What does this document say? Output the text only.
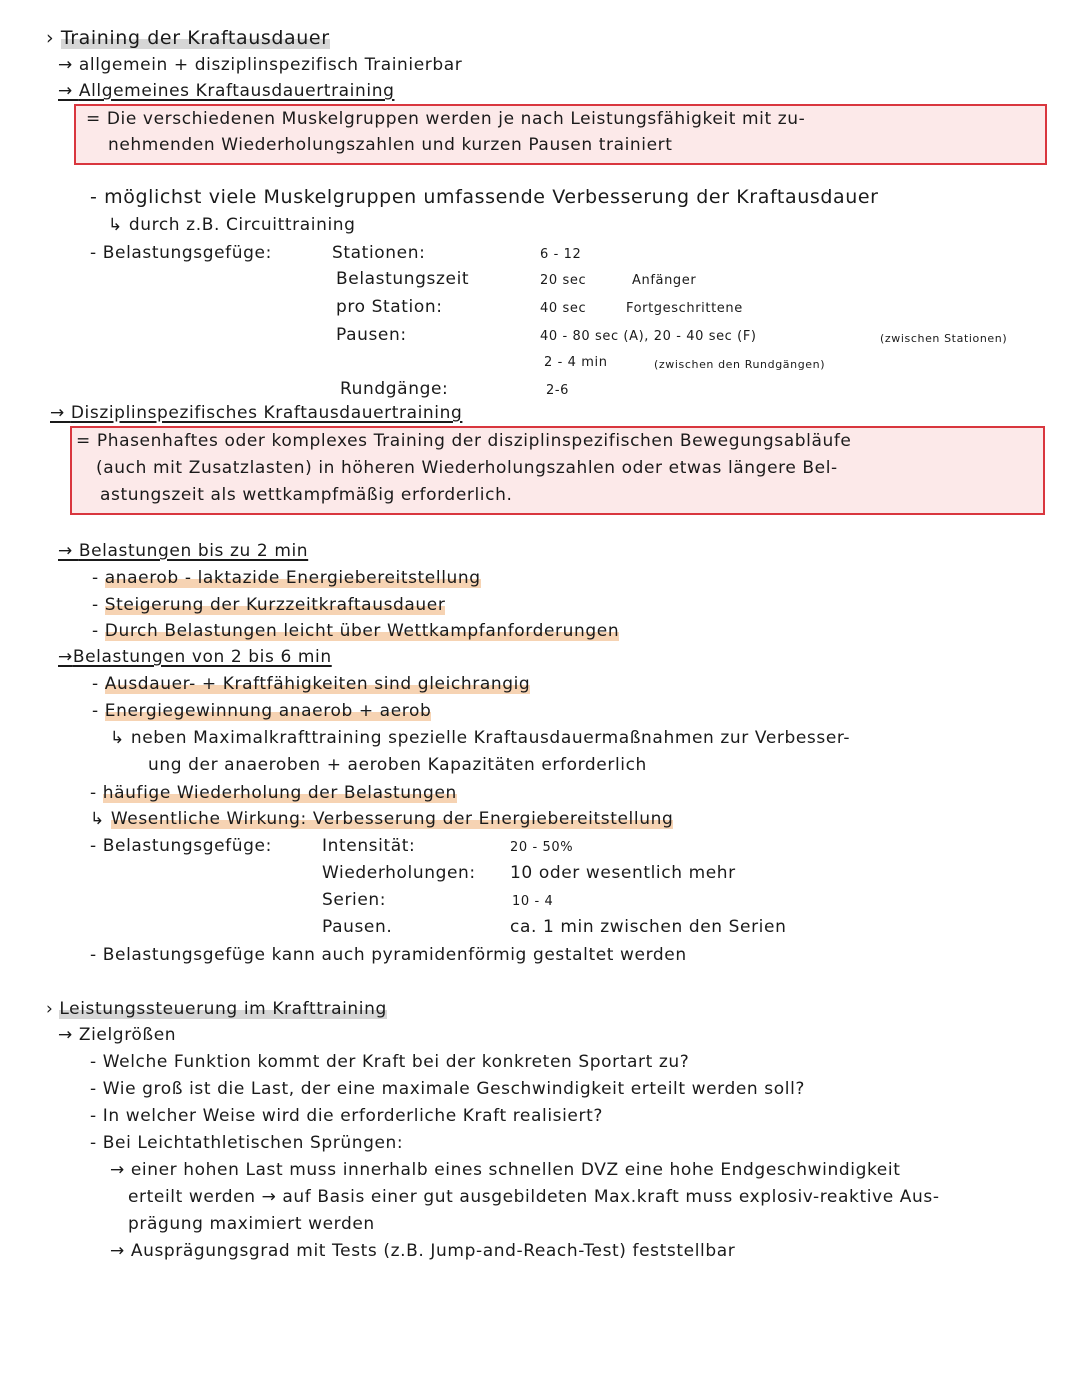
› Training der Kraftausdauer
→ allgemein + disziplinspezifisch Trainierbar
→ Allgemeines Kraftausdauertraining
= Die verschiedenen Muskelgruppen werden je nach Leistungsfähigkeit mit zu-
nehmenden Wiederholungszahlen und kurzen Pausen trainiert
- möglichst viele Muskelgruppen umfassende Verbesserung der Kraftausdauer
↳ durch z.B. Circuittraining
- Belastungsgefüge:	Stationen:	6 - 12
Belastungszeit	20 sec	Anfänger
pro Station:	40 sec	Fortgeschrittene
Pausen:	40 - 80 sec (A), 20 - 40 sec (F)	(zwischen Stationen)
2 - 4 min	(zwischen den Rundgängen)
Rundgänge:	2-6
→ Disziplinspezifisches Kraftausdauertraining
= Phasenhaftes oder komplexes Training der disziplinspezifischen Bewegungsabläufe
(auch mit Zusatzlasten) in höheren Wiederholungszahlen oder etwas längere Bel-
astungszeit als wettkampfmäßig erforderlich.
→ Belastungen bis zu 2 min
- anaerob - laktazide Energiebereitstellung
- Steigerung der Kurzzeitkraftausdauer
- Durch Belastungen leicht über Wettkampfanforderungen
→Belastungen von 2 bis 6 min
- Ausdauer- + Kraftfähigkeiten sind gleichrangig
- Energiegewinnung anaerob + aerob
↳ neben Maximalkrafttraining spezielle Kraftausdauermaßnahmen zur Verbesser-
ung der anaeroben + aeroben Kapazitäten erforderlich
- häufige Wiederholung der Belastungen
↳ Wesentliche Wirkung: Verbesserung der Energiebereitstellung
- Belastungsgefüge:	Intensität:	20 - 50%
Wiederholungen: 10 oder wesentlich mehr
Serien:	10 - 4
Pausen.	ca. 1 min zwischen den Serien
- Belastungsgefüge kann auch pyramidenförmig gestaltet werden
› Leistungssteuerung im Krafttraining
→ Zielgrößen
- Welche Funktion kommt der Kraft bei der konkreten Sportart zu?
- Wie groß ist die Last, der eine maximale Geschwindigkeit erteilt werden soll?
- In welcher Weise wird die erforderliche Kraft realisiert?
- Bei Leichtathletischen Sprüngen:
→ einer hohen Last muss innerhalb eines schnellen DVZ eine hohe Endgeschwindigkeit
erteilt werden → auf Basis einer gut ausgebildeten Max.kraft muss explosiv-reaktive Aus-
prägung maximiert werden
→ Ausprägungsgrad mit Tests (z.B. Jump-and-Reach-Test) feststellbar
